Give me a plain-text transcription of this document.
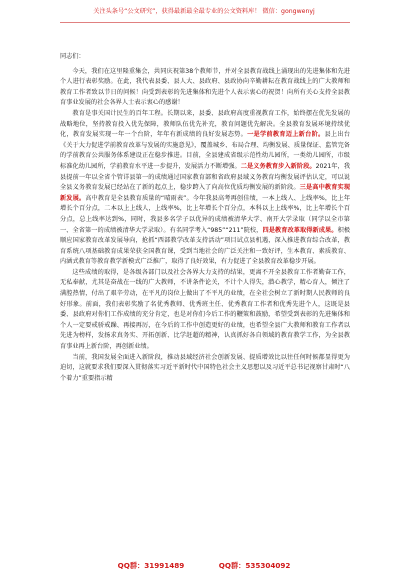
关注头条号“公文研究”，获得最新最全最专业的公文资料库！ 微信：gongwenyj
同志们：

今天，我们在这里隆重集会，共同庆祝第38个教师节，并对全县教育战线上涌现出的先进集体和先进个人进行表彰奖励。在此，我代表县委、县人大、县政府、县政协向辛勤耕耘在教育战线上的广大教师和教育工作者致以节日的问候！向受到表彰的先进集体和先进个人表示衷心的祝贺！向所有关心支持全县教育事业发展的社会各界人士表示衷心的感谢！

教育是事关国计民生的百年工程。长期以来，县委、县政府高度重视教育工作，始终摆在优先发展的战略地位，坚持教育投入优先保障，教师队伍优先补充，教育问题优先解决。全县教育发展环境持续优化，教育发展实现一年一个台阶，年年有新成绩的良好发展态势。一是学前教育迈上新台阶。县上出台《关于大力促进学前教育改革与发展的实施意见》，覆盖城乡、布局合理、均衡发展、质量保证、监管完备的学前教育公共服务体系建设正在稳步推进。目前，全县建成省级示范性幼儿园所，一类幼儿园所，市级标准化幼儿园所，学前教育水平进一步提升，发展活力不断增强。二是义务教育步入新阶段。2021年，我县提前一年以全省个管详县第一的成绩通过国家教育部和省政府县域义务教育均衡发展评估认定，可以说全县义务教育发展已经站在了新的起点上，稳步跨入了向高位优质均衡发展的新阶段。三是高中教育实现新发展。高中教育是全县教育质量的“晴雨表”。今年我县高考再创佳绩，一本上线人、上线率%，比上年增长个百分点，二本以上上线人，上线率%，比上年增长个百分点，本科以上上线率%，比上年增长个百分点，总上线率达到%，同时，我县多名学子以优异的成绩被清华大学、南开大学录取（同学以全市第一、全省第一的成绩被清华大学录取）。有名同学考入“985”“211”院校，四是教育改革取得新成果。积极顺应国家教育改革发展导向，抢抓“西部教学改革支持活动”项目试点县机遇，深入推进教育综合改革，教育系统八项基础教育成果荣获全国教育课，受到当地社会的广泛关注和一致好评，生本教育、素质教育、内涵式教育等教育教学新模式广泛推广，取得了良好效果，有力促进了全县教育改革稳步开展。

这些成绩的取得，是各级各部门以及社会各界大力支持的结果，更离不开全县教育工作者勤奋工作，无私奉献，尤其是奋战在一线的广大教师，不讲条件论关，不计个人得失，潜心教学，精心育人，倾注了满腔热情，付出了艰辛劳动，在平凡的岗位上做出了不平凡的业绩，在全社会树立了新时期人民教师的良好形象。前面，我们表彰奖励了名优秀教师、优秀班主任、优秀教育工作者和优秀先进个人，这既是县委、县政府对你们工作成绩的充分肯定，也是对你们今后工作的鞭策和鼓励，希望受到表彰的先进集体和个人一定要戒骄戒躁、再接再厉，在今后的工作中创造更好的业绩，也希望全县广大教师和教育工作者以先进为榜样，发扬求真务实、开拓创新、比学赶超的精神，认真抓好各自领域的教育教学工作，为全县教育事业再上新台阶，再创新业绩。

当前，我国发展全面进入新阶段，推动县域经济社会创新发展、提质增效比以往任何时候都显得更为迫切，这就要求我们要深入贯彻落实习近平新时代中国特色社会主义思想以及习近平总书记视察甘肃时“八个着力”重要指示精

QQ群：31991489	QQ群：535304092
